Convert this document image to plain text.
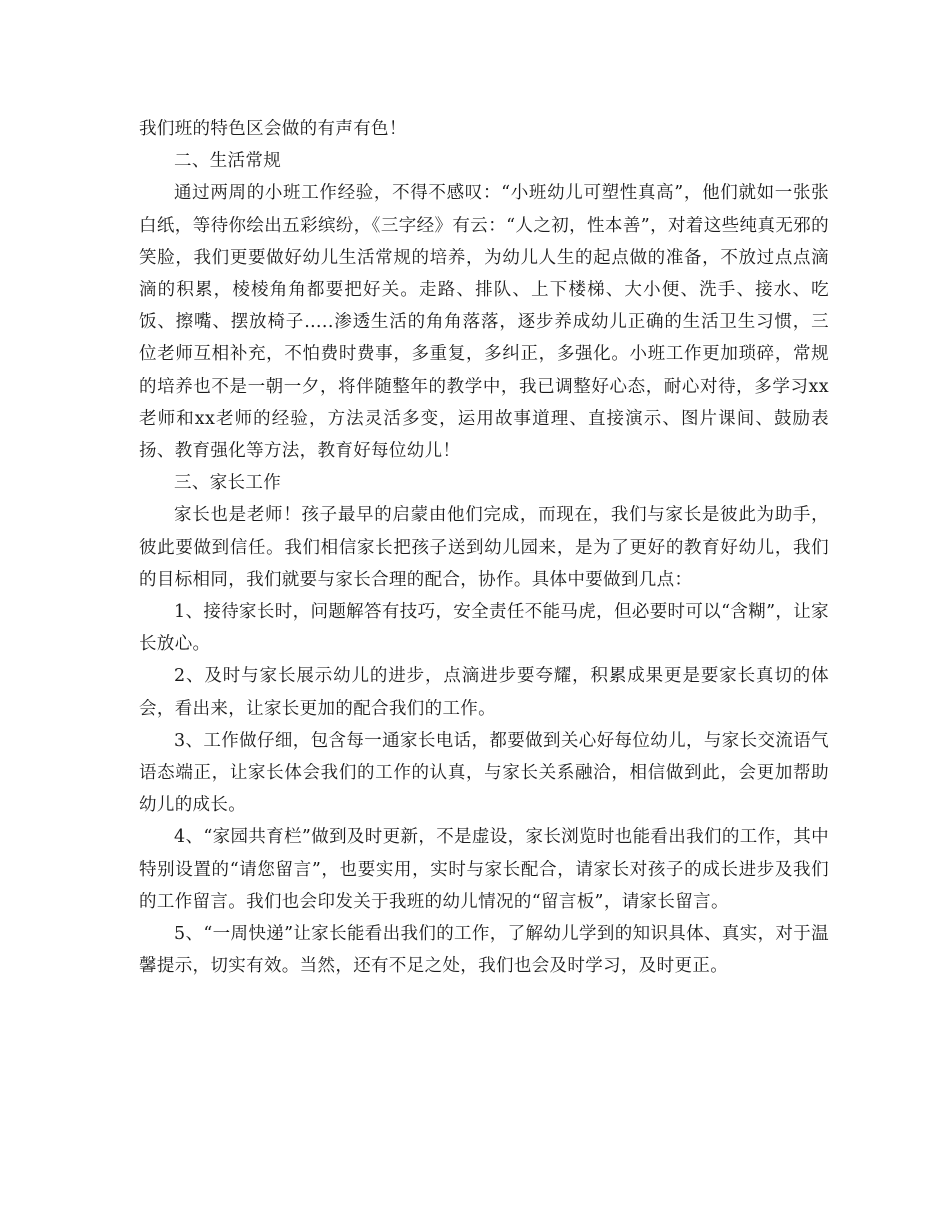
我们班的特色区会做的有声有色！

二、生活常规

通过两周的小班工作经验，不得不感叹：“小班幼儿可塑性真高”，他们就如一张张白纸，等待你绘出五彩缤纷，《三字经》有云：“人之初，性本善”，对着这些纯真无邪的笑脸，我们更要做好幼儿生活常规的培养，为幼儿人生的起点做的准备，不放过点点滴滴的积累，棱棱角角都要把好关。走路、排队、上下楼梯、大小便、洗手、接水、吃饭、擦嘴、摆放椅子…..渗透生活的角角落落，逐步养成幼儿正确的生活卫生习惯，三位老师互相补充，不怕费时费事，多重复，多纠正，多强化。小班工作更加琐碎，常规的培养也不是一朝一夕，将伴随整年的教学中，我已调整好心态，耐心对待，多学习xx老师和xx老师的经验，方法灵活多变，运用故事道理、直接演示、图片课间、鼓励表扬、教育强化等方法，教育好每位幼儿！

三、家长工作

家长也是老师！孩子最早的启蒙由他们完成，而现在，我们与家长是彼此为助手，彼此要做到信任。我们相信家长把孩子送到幼儿园来，是为了更好的教育好幼儿，我们的目标相同，我们就要与家长合理的配合，协作。具体中要做到几点：

1、接待家长时，问题解答有技巧，安全责任不能马虎，但必要时可以“含糊”，让家长放心。

2、及时与家长展示幼儿的进步，点滴进步要夸耀，积累成果更是要家长真切的体会，看出来，让家长更加的配合我们的工作。

3、工作做仔细，包含每一通家长电话，都要做到关心好每位幼儿，与家长交流语气语态端正，让家长体会我们的工作的认真，与家长关系融洽，相信做到此，会更加帮助幼儿的成长。

4、“家园共育栏”做到及时更新，不是虚设，家长浏览时也能看出我们的工作，其中特别设置的“请您留言”，也要实用，实时与家长配合，请家长对孩子的成长进步及我们的工作留言。我们也会印发关于我班的幼儿情况的“留言板”，请家长留言。

5、“一周快递”让家长能看出我们的工作，了解幼儿学到的知识具体、真实，对于温馨提示，切实有效。当然，还有不足之处，我们也会及时学习，及时更正。
